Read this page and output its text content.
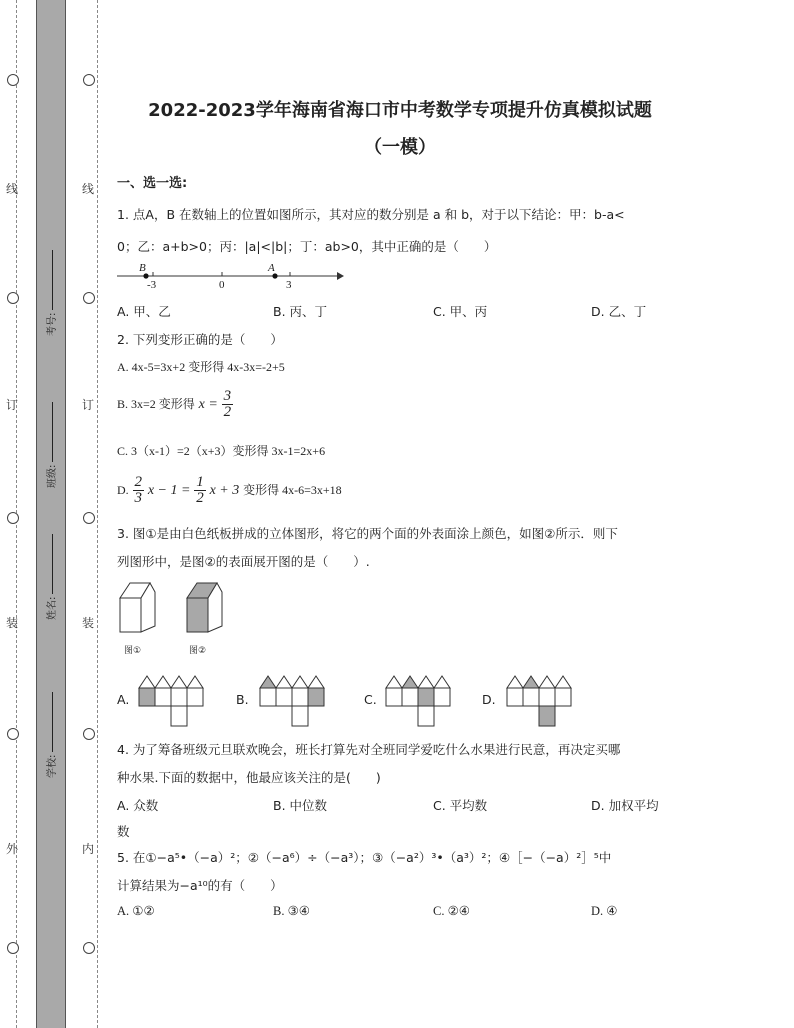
线
订
装
外
线
订
装
内
考号:
班级:
姓名:
学校:
2022-2023学年海南省海口市中考数学专项提升仿真模拟试题
（一模）
一、选一选:
1. 点A，B 在数轴上的位置如图所示，其对应的数分别是 a 和 b，对于以下结论：甲：b-a<
0；乙：a+b>0；丙：|a|<|b|；丁：ab>0，其中正确的是（　　）
B	A
-3	0	3
A. 甲、乙	B. 丙、丁	C. 甲、丙	D. 乙、丁
2. 下列变形正确的是（　　）
A. 4x-5=3x+2 变形得 4x-3x=-2+5
B. 3x=2 变形得 $x = \frac{3}{2}$
C. 3（x-1）=2（x+3）变形得 3x-1=2x+6
D. $\frac{2}{3}$ $x - 1 = \frac{1}{2}$ x + 3 变形得 4x-6=3x+18
3. 图①是由白色纸板拼成的立体图形，将它的两个面的外表面涂上颜色，如图②所示．则下
列图形中，是图②的表面展开图的是（　　）.
图①	图②
A.	B.	C.	D.
4. 为了筹备班级元旦联欢晚会，班长打算先对全班同学爱吃什么水果进行民意，再决定买哪
种水果.下面的数据中，他最应该关注的是(　　)
A. 众数	B. 中位数	C. 平均数	D. 加权平均
数
5. 在①−a⁵•（−a）²；②（−a⁶）÷（−a³）；③（−a²）³•（a³）²；④［−（−a）²］⁵中
计算结果为−a¹⁰的有（　　）
A. ①②	B. ③④	C. ②④	D. ④
